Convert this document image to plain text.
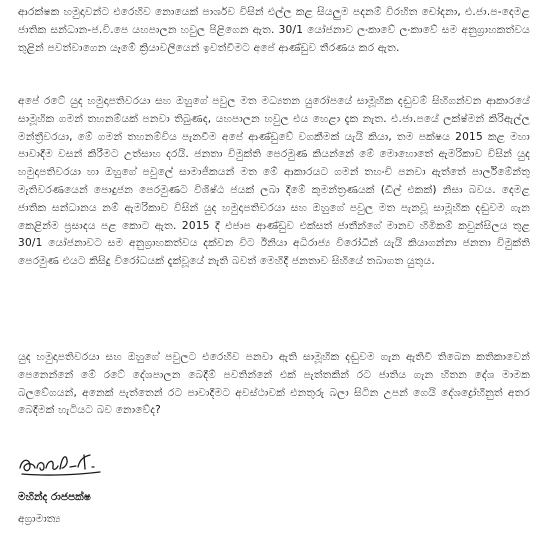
ආරක්ෂක හමුදාවන්ට එරෙහිව නොයෙක් පාර්ශව විසින් එල්ල කළ සියලුම පදනම් විරහිත චෝදනා, එ.ජා.ප-දෙමළ ජාතික සන්ධාන-ජ.වි.පෙ යහපාලන හවුල පිළිගෙන ඇත. 30/1 යෝජනාව ලංකාවේ ලංකාවේ සම අනුග්‍රාහකත්වය තුළින් පවත්වාගෙන යෑමේ ක්‍රියාවලියෙන් ඉවත්වීමට අපේ ආණ්ඩුව තීරණය කර ඇත.

අපේ රටේ යුද හමුදාපතිවරයා සහ ඔහුගේ පවුල මත මධ්‍යතන යුරෝපයේ සාමූහික දඬුවම් සිහිගන්වන ආකාරයේ සාමූහික ගමන් තහනම්යක් පනවා තිබුණද, යහපාලන හවුල එය හෙළා දැක නැත. එ.ජා.පයේ ලක්ෂ්මන් කිරිඇල්ල මන්ත්‍රීවරයා, මේ ගමන් තහනම්විය පැනවීම අපේ ආණ්ඩුවේ වගකීමක් යැයි කියා, තම පක්ෂය 2015 කළ මහා පාවාදීම වසන් කිරීමට උත්සාහ දරයි. ජනතා විමුක්ති පෙරමුණ කියන්නේ මේ මොහොතේ ඇමරිකාව විසින් යුද හමුදාපතිවරයා හා ඔහුගේ පවුලේ සාමාජිකයන් මත මේ ආකාරයට ගමන් තහංචි පනවා ඇත්තේ පාර්ලිමේන්තු මැතිවරණයෙන් පොදුජන පෙරමුණට විශිෂ්ඨ ජයක් ලබා දීමේ කුමන්ත්‍රණයක් (ඩීල් එකක්) නිසා බවය. දෙමළ ජාතික සන්ධානය නම් ඇමරිකාව විසින් යුද හමුදාපතිවරයා සහ ඔහුගේ පවුල මත පැනවූ සාමූහික දඬුවම ගැන කෙළින්ම ප්‍රසාදය පළ කොට ඇත. 2015 දී එජාප ආණ්ඩුව එක්සත් ජාතීන්ගේ මානව හිමිකම් කවුන්සිලය තුළ 30/1 යෝජනාවට සම අනුග්‍රාහකත්වය දක්වන විට ඊනියා අධිරාජ්‍ය විරෝධීන් යැයි කියාගන්නා ජනතා විමුක්ති පෙරමුණ එයට කිසිදු විරෝධයක් දැක්වූයේ නැති බවත් මෙහිදී ජනතාව සිහියේ තබාගත යුතුය.

යුද හමුදාපතිවරයා සහ ඔහුගේ පවුලට එරෙහිව පනවා ඇති සාමූහික දඬුවම ගැන ඇතිවී තිබෙන කතිකාවෙන් පෙනෙන්නේ මේ රටේ දේශපාලන බෙදීම් පවතින්නේ එක් පැත්තකින් රට ජාතිය ගැන හිතන දේශ මාමක බලවේගයන්, අනෙක් පැත්තෙන් රට පාවාදීමට අවස්ථාවක් එනතුරු බලා සිටින උපන් ගෙයි දේශද්‍රෝහීනුත් අතර බෙදීමක් හැටියට බව නොවේද?

මහින්ද රාජපක්ෂ
අග්‍රාමාත්‍ය
